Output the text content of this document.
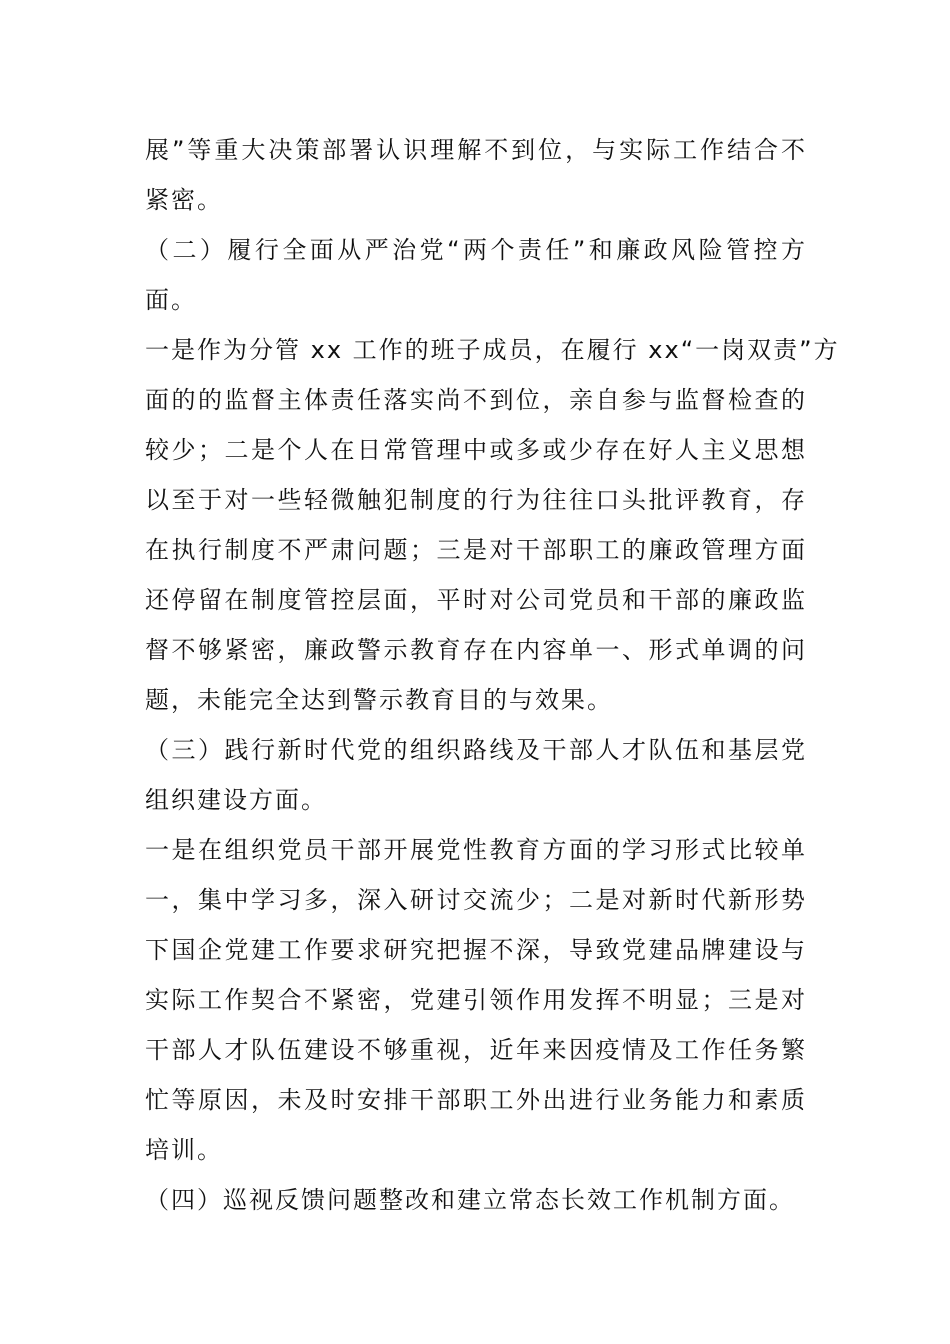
展”等重大决策部署认识理解不到位，与实际工作结合不
紧密。
（二）履行全面从严治党“两个责任”和廉政风险管控方
面。
一是作为分管 xx 工作的班子成员，在履行 xx“一岗双责”方
面的的监督主体责任落实尚不到位，亲自参与监督检查的
较少；二是个人在日常管理中或多或少存在好人主义思想
以至于对一些轻微触犯制度的行为往往口头批评教育，存
在执行制度不严肃问题；三是对干部职工的廉政管理方面
还停留在制度管控层面，平时对公司党员和干部的廉政监
督不够紧密，廉政警示教育存在内容单一、形式单调的问
题，未能完全达到警示教育目的与效果。
（三）践行新时代党的组织路线及干部人才队伍和基层党
组织建设方面。
一是在组织党员干部开展党性教育方面的学习形式比较单
一，集中学习多，深入研讨交流少；二是对新时代新形势
下国企党建工作要求研究把握不深，导致党建品牌建设与
实际工作契合不紧密，党建引领作用发挥不明显；三是对
干部人才队伍建设不够重视，近年来因疫情及工作任务繁
忙等原因，未及时安排干部职工外出进行业务能力和素质
培训。
（四）巡视反馈问题整改和建立常态长效工作机制方面。
